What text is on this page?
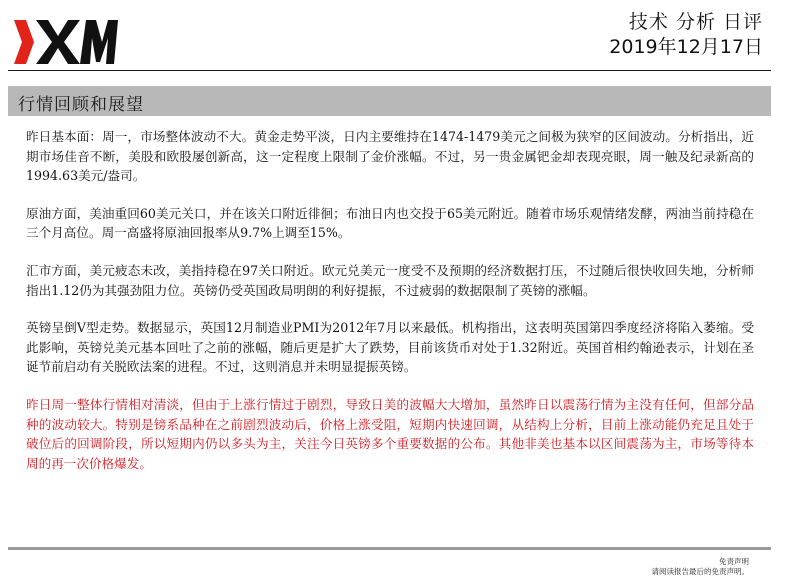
技术 分析 日评
2019年12月17日
行情回顾和展望

昨日基本面：周一，市场整体波动不大。黄金走势平淡，日内主要维持在1474-1479美元之间极为狭窄的区间波动。分析指出，近期市场佳音不断，美股和欧股屡创新高，这一定程度上限制了金价涨幅。不过，另一贵金属钯金却表现亮眼，周一触及纪录新高的1994.63美元/盎司。

原油方面，美油重回60美元关口，并在该关口附近徘徊；布油日内也交投于65美元附近。随着市场乐观情绪发酵，两油当前持稳在三个月高位。周一高盛将原油回报率从9.7%上调至15%。

汇市方面，美元疲态未改，美指持稳在97关口附近。欧元兑美元一度受不及预期的经济数据打压，不过随后很快收回失地，分析师指出1.12仍为其强劲阻力位。英镑仍受英国政局明朗的利好提振，不过疲弱的数据限制了英镑的涨幅。

英镑呈倒V型走势。数据显示，英国12月制造业PMI为2012年7月以来最低。机构指出，这表明英国第四季度经济将陷入萎缩。受此影响，英镑兑美元基本回吐了之前的涨幅，随后更是扩大了跌势，目前该货币对处于1.32附近。英国首相约翰逊表示，计划在圣诞节前启动有关脱欧法案的进程。不过，这则消息并未明显提振英镑。

昨日周一整体行情相对清淡，但由于上涨行情过于剧烈，导致日美的波幅大大增加，虽然昨日以震荡行情为主没有任何，但部分品种的波动较大。特别是镑系品种在之前剧烈波动后，价格上涨受阻，短期内快速回调，从结构上分析，目前上涨动能仍充足且处于破位后的回调阶段，所以短期内仍以多头为主，关注今日英镑多个重要数据的公布。其他非美也基本以区间震荡为主，市场等待本周的再一次价格爆发。

免责声明
请阅读报告最后的免责声明。
